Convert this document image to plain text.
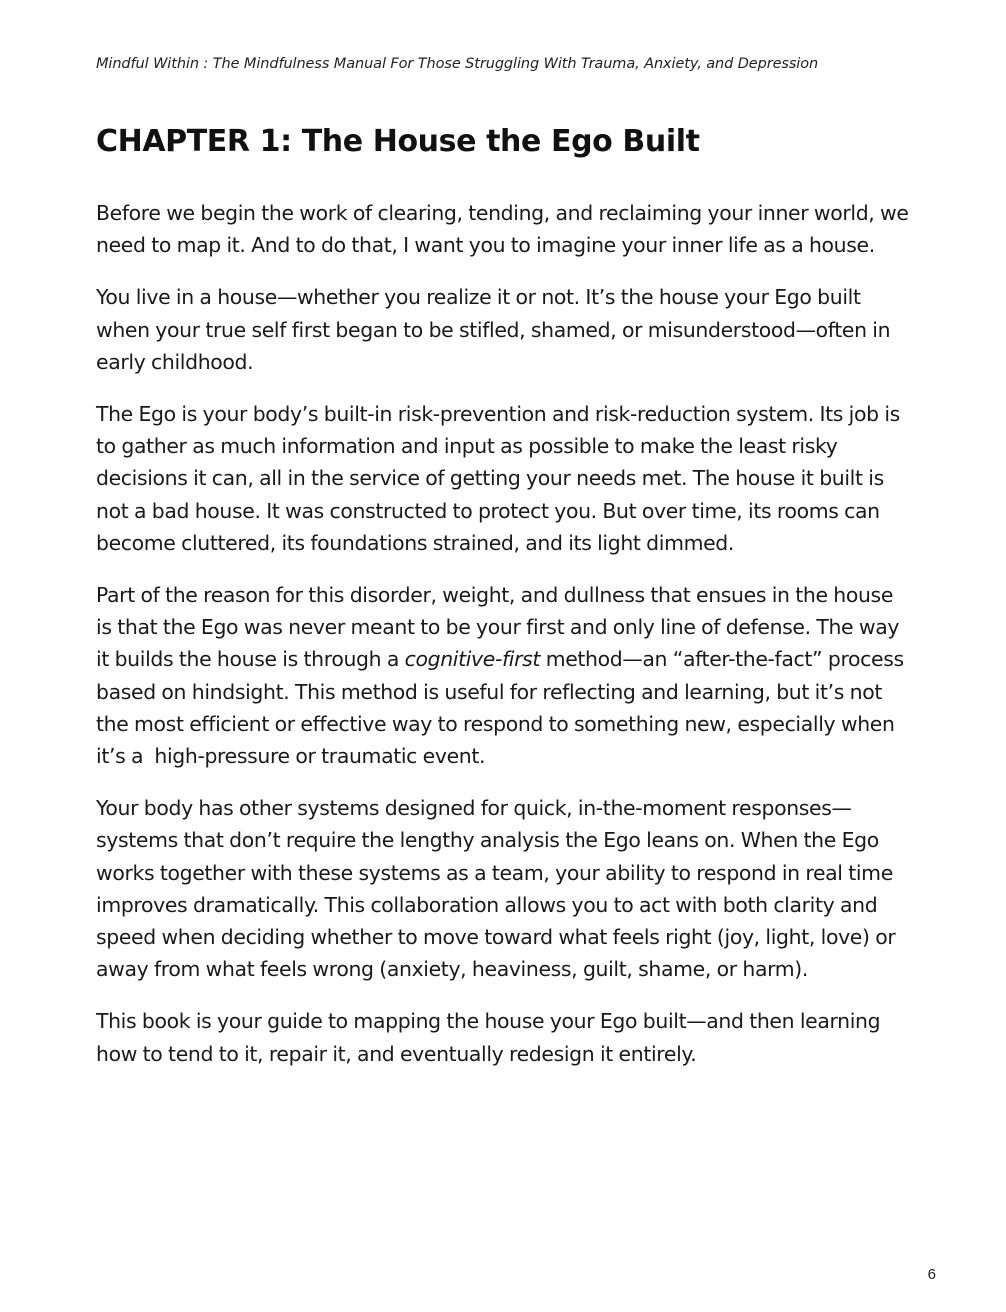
Mindful Within : The Mindfulness Manual For Those Struggling With Trauma, Anxiety, and Depression
CHAPTER 1: The House the Ego Built

Before we begin the work of clearing, tending, and reclaiming your inner world, we need to map it. And to do that, I want you to imagine your inner life as a house.

You live in a house—whether you realize it or not. It’s the house your Ego built when your true self first began to be stifled, shamed, or misunderstood—often in early childhood.

The Ego is your body’s built-in risk-prevention and risk-reduction system. Its job is to gather as much information and input as possible to make the least risky decisions it can, all in the service of getting your needs met. The house it built is not a bad house. It was constructed to protect you. But over time, its rooms can become cluttered, its foundations strained, and its light dimmed.

Part of the reason for this disorder, weight, and dullness that ensues in the house is that the Ego was never meant to be your first and only line of defense. The way it builds the house is through a cognitive-first method—an “after-the-fact” process based on hindsight. This method is useful for reflecting and learning, but it’s not the most efficient or effective way to respond to something new, especially when it’s a  high-pressure or traumatic event.

Your body has other systems designed for quick, in-the-moment responses—systems that don’t require the lengthy analysis the Ego leans on. When the Ego works together with these systems as a team, your ability to respond in real time improves dramatically. This collaboration allows you to act with both clarity and speed when deciding whether to move toward what feels right (joy, light, love) or away from what feels wrong (anxiety, heaviness, guilt, shame, or harm).

This book is your guide to mapping the house your Ego built—and then learning how to tend to it, repair it, and eventually redesign it entirely.

6
